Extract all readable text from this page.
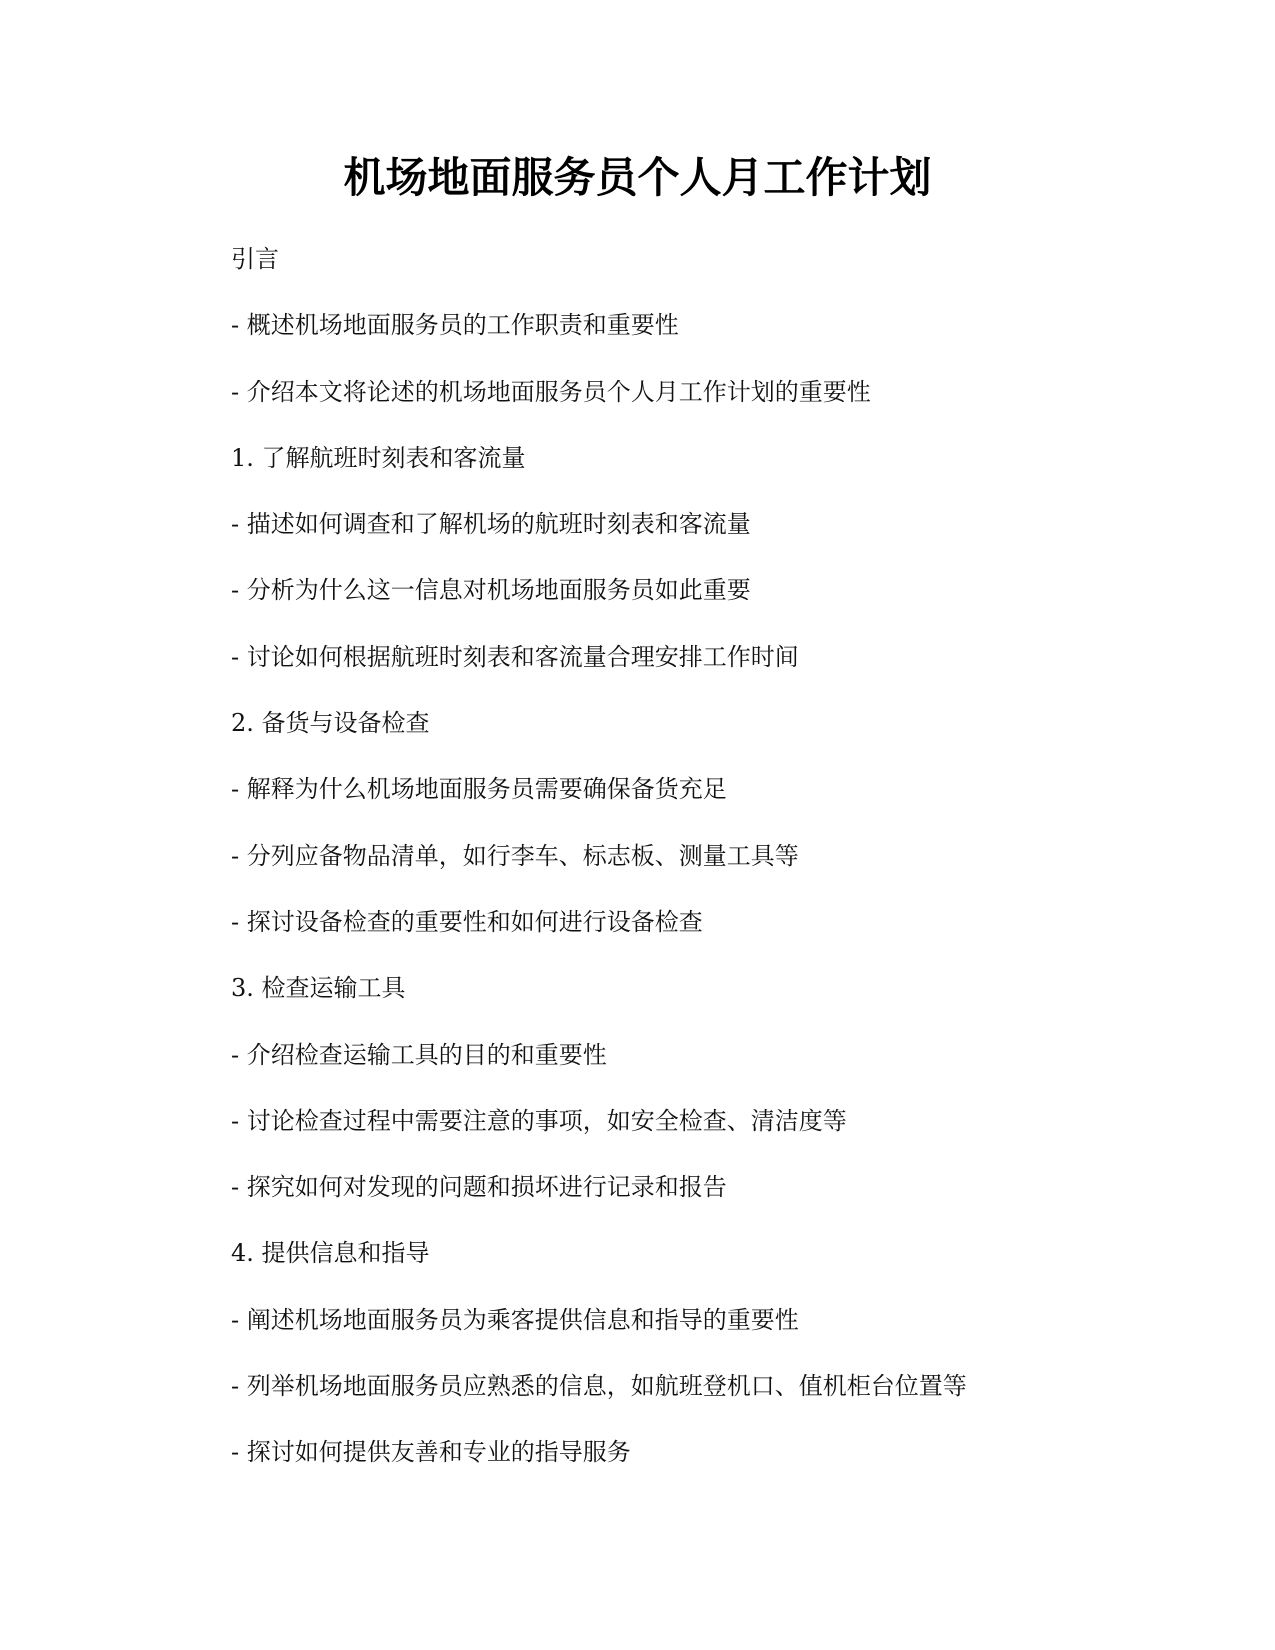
机场地面服务员个人月工作计划
引言
- 概述机场地面服务员的工作职责和重要性
- 介绍本文将论述的机场地面服务员个人月工作计划的重要性
1. 了解航班时刻表和客流量
- 描述如何调查和了解机场的航班时刻表和客流量
- 分析为什么这一信息对机场地面服务员如此重要
- 讨论如何根据航班时刻表和客流量合理安排工作时间
2. 备货与设备检查
- 解释为什么机场地面服务员需要确保备货充足
- 分列应备物品清单，如行李车、标志板、测量工具等
- 探讨设备检查的重要性和如何进行设备检查
3. 检查运输工具
- 介绍检查运输工具的目的和重要性
- 讨论检查过程中需要注意的事项，如安全检查、清洁度等
- 探究如何对发现的问题和损坏进行记录和报告
4. 提供信息和指导
- 阐述机场地面服务员为乘客提供信息和指导的重要性
- 列举机场地面服务员应熟悉的信息，如航班登机口、值机柜台位置等
- 探讨如何提供友善和专业的指导服务
